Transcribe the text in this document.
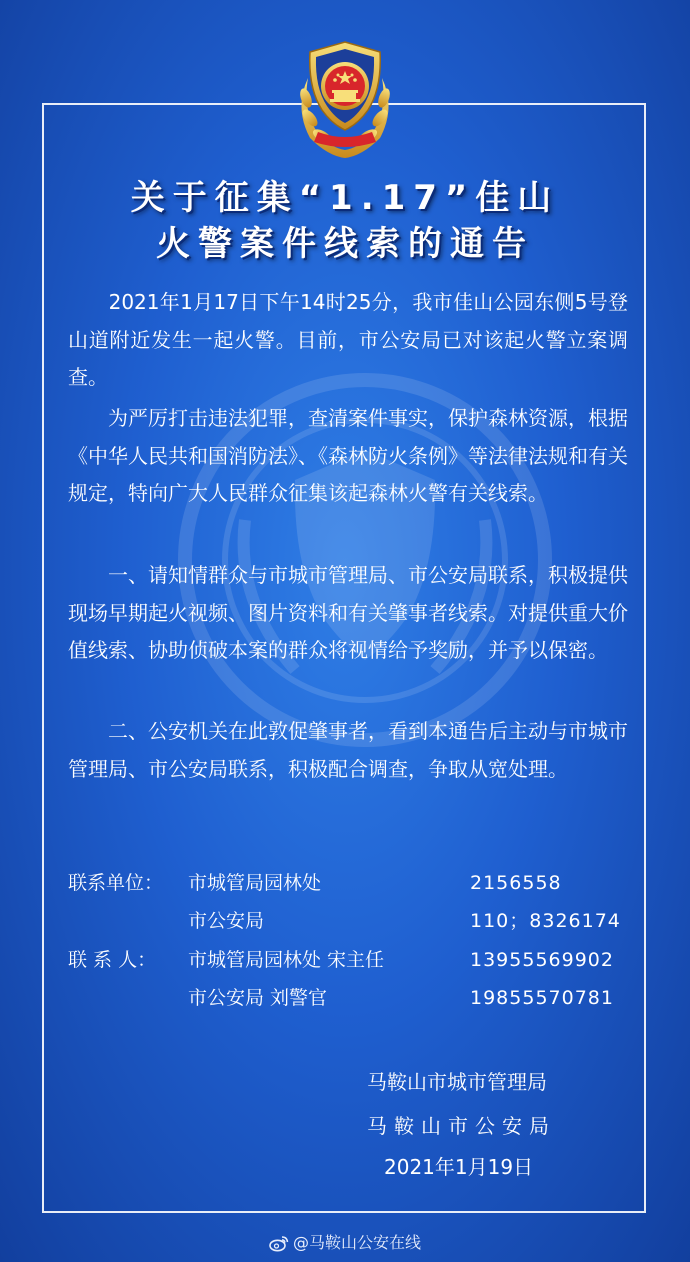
关于征集“1.17”佳山
火警案件线索的通告

　　2021年1月17日下午14时25分，我市佳山公园东侧5号登山道附近发生一起火警。目前，市公安局已对该起火警立案调查。

　　为严厉打击违法犯罪，查清案件事实，保护森林资源，根据《中华人民共和国消防法》、《森林防火条例》等法律法规和有关规定，特向广大人民群众征集该起森林火警有关线索。

　　一、请知情群众与市城市管理局、市公安局联系，积极提供现场早期起火视频、图片资料和有关肇事者线索。对提供重大价值线索、协助侦破本案的群众将视情给予奖励，并予以保密。

　　二、公安机关在此敦促肇事者，看到本通告后主动与市城市管理局、市公安局联系，积极配合调查，争取从宽处理。

联系单位： 市城管局园林处	2156558
市公安局	110；8326174
联 系 人： 市城管局园林处 宋主任	13955569902
市公安局 刘警官	19855570781
马鞍山市城市管理局
马鞍山市公安局
2021年1月19日
@马鞍山公安在线
